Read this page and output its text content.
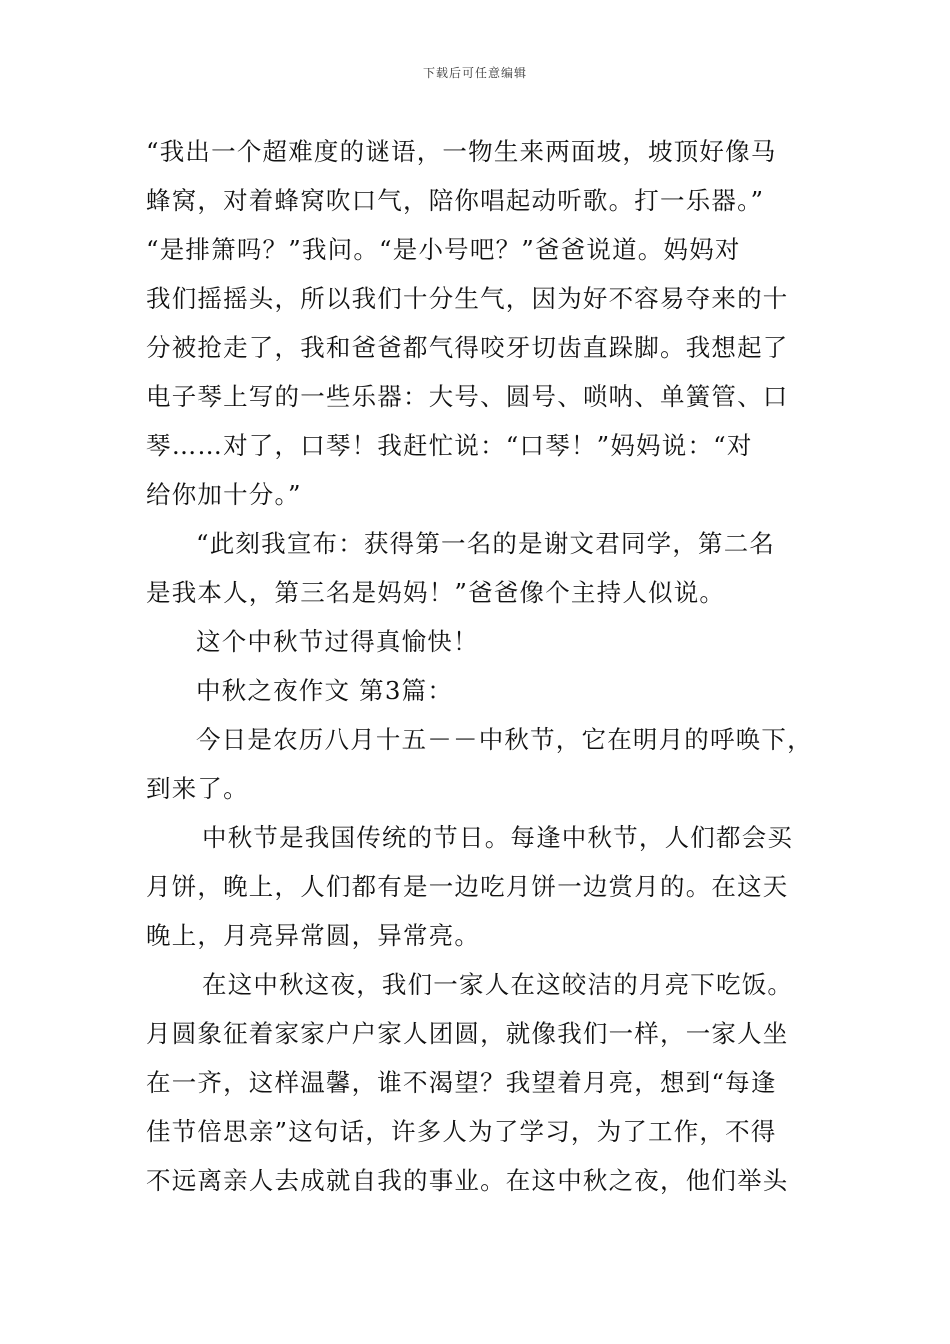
下载后可任意编辑
“我出一个超难度的谜语，一物生来两面坡，坡顶好像马
蜂窝，对着蜂窝吹口气，陪你唱起动听歌。打一乐器。”
“是排箫吗？”我问。“是小号吧？”爸爸说道。妈妈对
我们摇摇头，所以我们十分生气，因为好不容易夺来的十
分被抢走了，我和爸爸都气得咬牙切齿直跺脚。我想起了
电子琴上写的一些乐器：大号、圆号、唢呐、单簧管、口
琴……对了，口琴！我赶忙说：“口琴！”妈妈说：“对
给你加十分。”
“此刻我宣布：获得第一名的是谢文君同学，第二名
是我本人，第三名是妈妈！”爸爸像个主持人似说。
这个中秋节过得真愉快！
中秋之夜作文 第3篇：
今日是农历八月十五－－中秋节，它在明月的呼唤下，
到来了。
中秋节是我国传统的节日。每逢中秋节，人们都会买
月饼，晚上，人们都有是一边吃月饼一边赏月的。在这天
晚上，月亮异常圆，异常亮。
在这中秋这夜，我们一家人在这皎洁的月亮下吃饭。
月圆象征着家家户户家人团圆，就像我们一样，一家人坐
在一齐，这样温馨，谁不渴望？我望着月亮，想到“每逢
佳节倍思亲”这句话，许多人为了学习，为了工作，不得
不远离亲人去成就自我的事业。在这中秋之夜，他们举头
